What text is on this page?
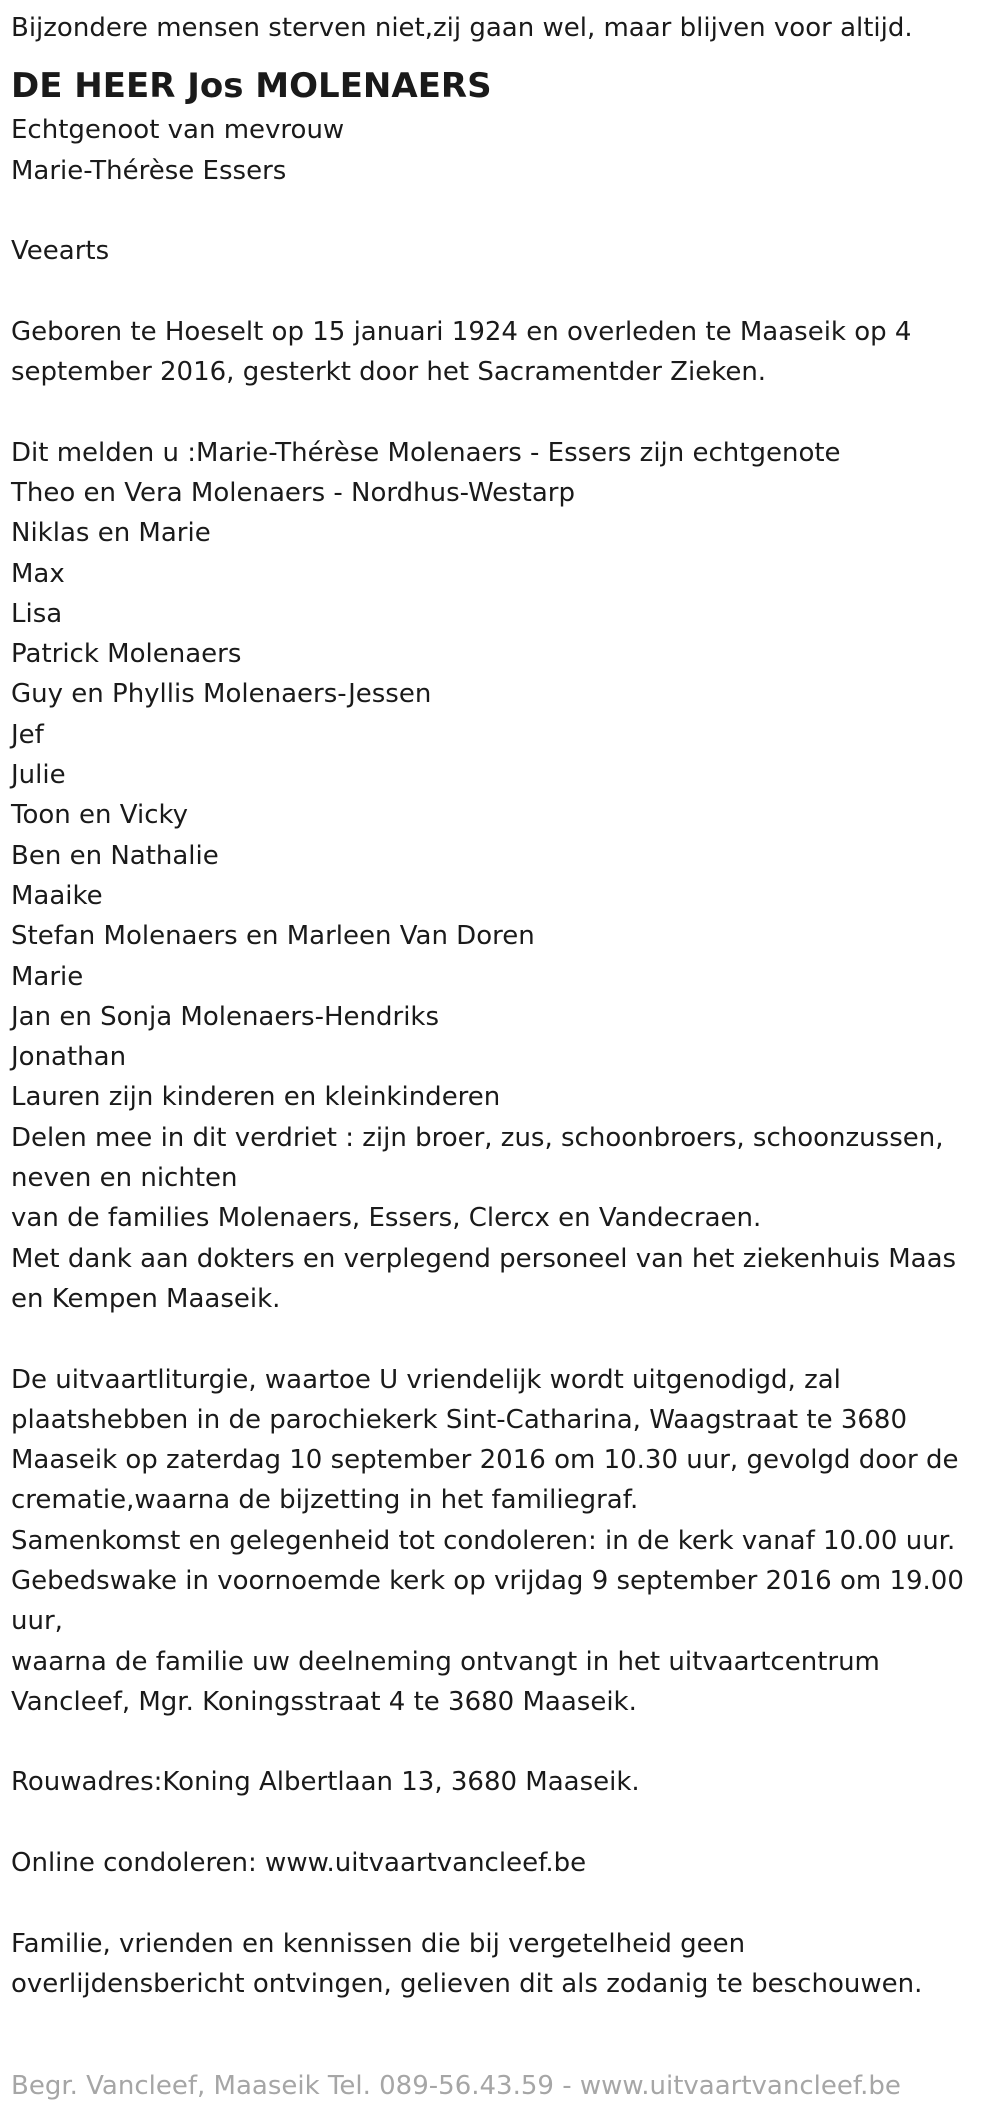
Bijzondere mensen sterven niet,zij gaan wel, maar blijven voor altijd.
DE HEER Jos MOLENAERS
Echtgenoot van mevrouw
Marie-Thérèse Essers
Veearts
Geboren te Hoeselt op 15 januari 1924 en overleden te Maaseik op 4
september 2016, gesterkt door het Sacramentder Zieken.
Dit melden u :Marie-Thérèse Molenaers - Essers zijn echtgenote
Theo en Vera Molenaers - Nordhus-Westarp
Niklas en Marie
Max
Lisa
Patrick Molenaers
Guy en Phyllis Molenaers-Jessen
Jef
Julie
Toon en Vicky
Ben en Nathalie
Maaike
Stefan Molenaers en Marleen Van Doren
Marie
Jan en Sonja Molenaers-Hendriks
Jonathan
Lauren zijn kinderen en kleinkinderen
Delen mee in dit verdriet : zijn broer, zus, schoonbroers, schoonzussen,
neven en nichten
van de families Molenaers, Essers, Clercx en Vandecraen.
Met dank aan dokters en verplegend personeel van het ziekenhuis Maas
en Kempen Maaseik.
De uitvaartliturgie, waartoe U vriendelijk wordt uitgenodigd, zal
plaatshebben in de parochiekerk Sint-Catharina, Waagstraat te 3680
Maaseik op zaterdag 10 september 2016 om 10.30 uur, gevolgd door de
crematie,waarna de bijzetting in het familiegraf.
Samenkomst en gelegenheid tot condoleren: in de kerk vanaf 10.00 uur.
Gebedswake in voornoemde kerk op vrijdag 9 september 2016 om 19.00
uur,
waarna de familie uw deelneming ontvangt in het uitvaartcentrum
Vancleef, Mgr. Koningsstraat 4 te 3680 Maaseik.
Rouwadres:Koning Albertlaan 13, 3680 Maaseik.
Online condoleren: www.uitvaartvancleef.be
Familie, vrienden en kennissen die bij vergetelheid geen
overlijdensbericht ontvingen, gelieven dit als zodanig te beschouwen.
Begr. Vancleef, Maaseik Tel. 089-56.43.59 - www.uitvaartvancleef.be
